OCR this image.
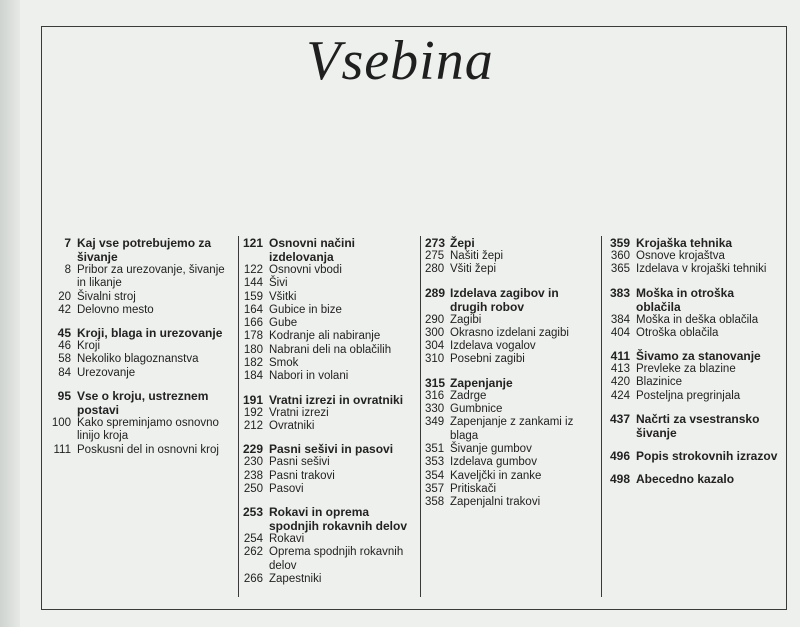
Vsebina
7 Kaj vse potrebujemo za šivanje
8 Pribor za urezovanje, šivanje in likanje
20 Šivalni stroj
42 Delovno mesto
45 Kroji, blaga in urezovanje
46 Kroji
58 Nekoliko blagoznanstva
84 Urezovanje
95 Vse o kroju, ustreznem postavi
100 Kako spreminjamo osnovno linijo kroja
111 Poskusni del in osnovni kroj
121 Osnovni načini izdelovanja
122 Osnovni vbodi
144 Šivi
159 Všitki
164 Gubice in bize
166 Gube
178 Kodranje ali nabiranje
180 Nabrani deli na oblačilih
182 Smok
184 Nabori in volani
191 Vratni izrezi in ovratniki
192 Vratni izrezi
212 Ovratniki
229 Pasni sešivi in pasovi
230 Pasni sešivi
238 Pasni trakovi
250 Pasovi
253 Rokavi in oprema spodnjih rokavnih delov
254 Rokavi
262 Oprema spodnjih rokavnih delov
266 Zapestniki
273 Žepi
275 Našiti žepi
280 Všiti žepi
289 Izdelava zagibov in drugih robov
290 Zagibi
300 Okrasno izdelani zagibi
304 Izdelava vogalov
310 Posebni zagibi
315 Zapenjanje
316 Zadrge
330 Gumbnice
349 Zapenjanje z zankami iz blaga
351 Šivanje gumbov
353 Izdelava gumbov
354 Kaveljčki in zanke
357 Pritiskači
358 Zapenjalni trakovi
359 Krojaška tehnika
360 Osnove krojaštva
365 Izdelava v krojaški tehniki
383 Moška in otroška oblačila
384 Moška in deška oblačila
404 Otroška oblačila
411 Šivamo za stanovanje
413 Prevleke za blazine
420 Blazinice
424 Posteljna pregrinjala
437 Načrti za vsestransko šivanje
496 Popis strokovnih izrazov
498 Abecedno kazalo
